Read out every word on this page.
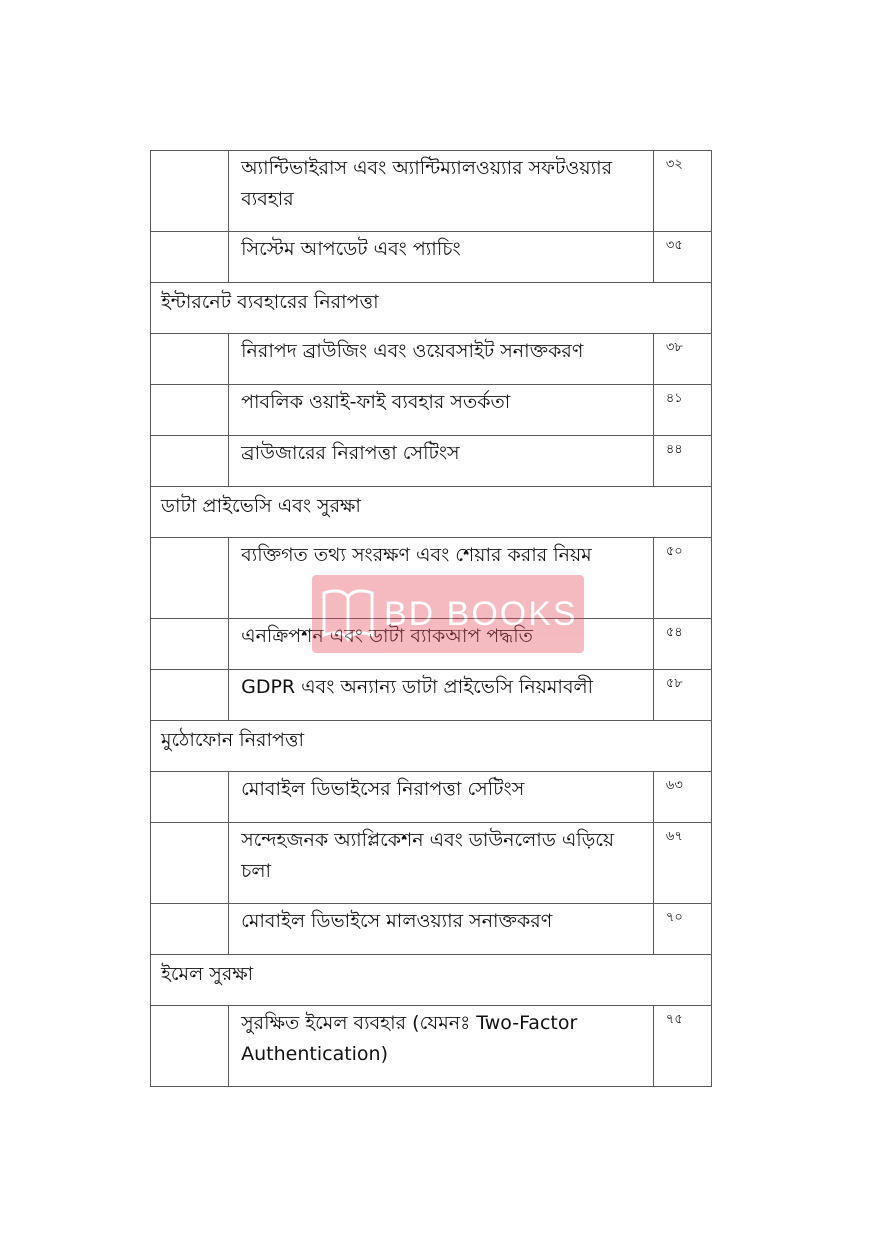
	অ্যান্টিভাইরাস এবং অ্যান্টিম্যালওয়্যার সফটওয়্যার ব্যবহার	৩২
	সিস্টেম আপডেট এবং প্যাচিং	৩৫
ইন্টারনেট ব্যবহারের নিরাপত্তা		
	নিরাপদ ব্রাউজিং এবং ওয়েবসাইট সনাক্তকরণ	৩৮
	পাবলিক ওয়াই-ফাই ব্যবহার সতর্কতা	৪১
	ব্রাউজারের নিরাপত্তা সেটিংস	৪৪
ডাটা প্রাইভেসি এবং সুরক্ষা		
	ব্যক্তিগত তথ্য সংরক্ষণ এবং শেয়ার করার নিয়ম	৫০
	এনক্রিপশন এবং ডাটা ব্যাকআপ পদ্ধতি	৫৪
	GDPR এবং অন্যান্য ডাটা প্রাইভেসি নিয়মাবলী	৫৮
মুঠোফোন নিরাপত্তা		
	মোবাইল ডিভাইসের নিরাপত্তা সেটিংস	৬৩
	সন্দেহজনক অ্যাপ্লিকেশন এবং ডাউনলোড এড়িয়ে চলা	৬৭
	মোবাইল ডিভাইসে মালওয়্যার সনাক্তকরণ	৭০
ইমেল সুরক্ষা		
	সুরক্ষিত ইমেল ব্যবহার (যেমনঃ Two-Factor Authentication)	৭৫
BD BOOKS
